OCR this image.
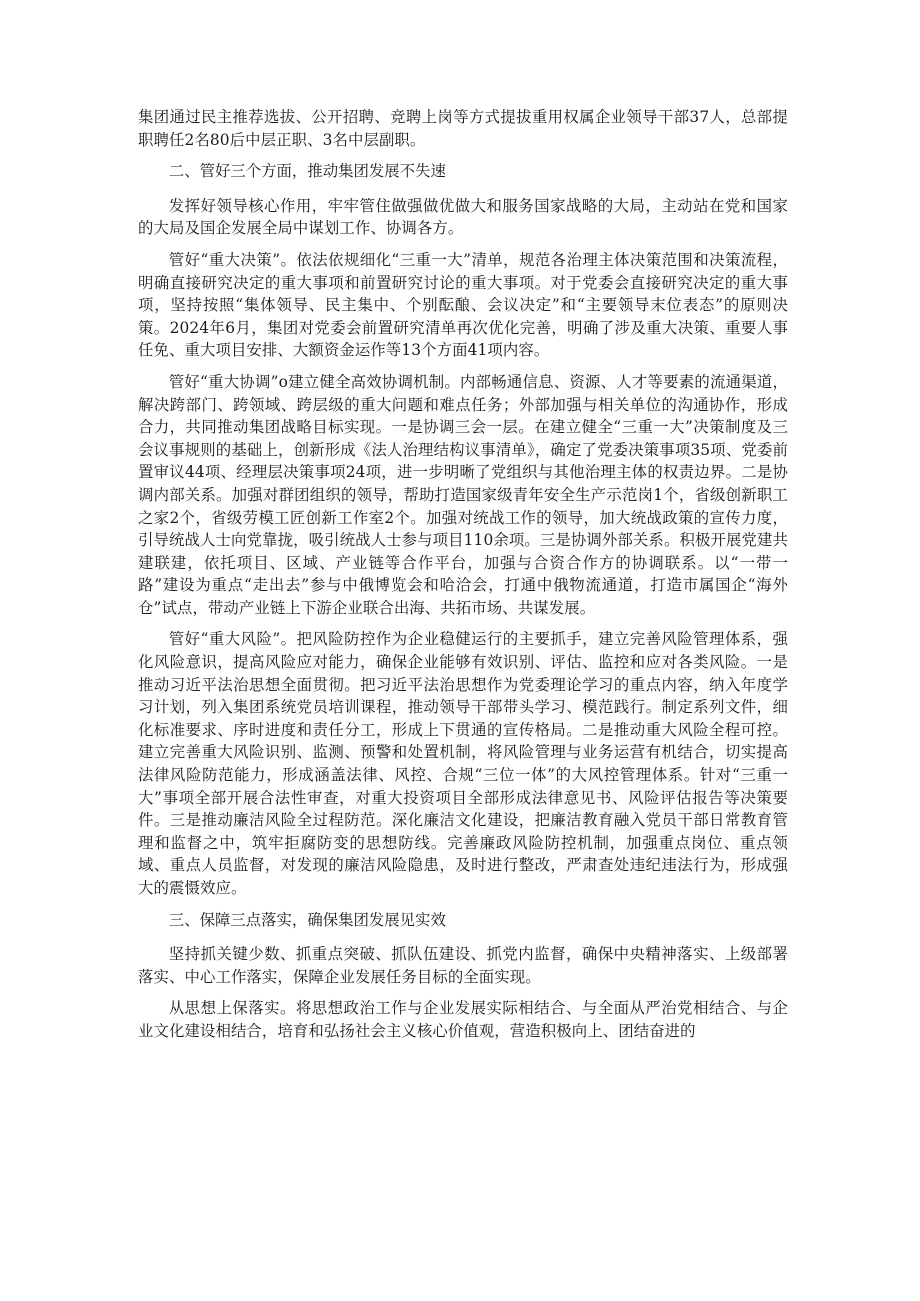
集团通过民主推荐选拔、公开招聘、竞聘上岗等方式提拔重用权属企业领导干部37人，总部提职聘任2名80后中层正职、3名中层副职。

二、管好三个方面，推动集团发展不失速

发挥好领导核心作用，牢牢管住做强做优做大和服务国家战略的大局，主动站在党和国家的大局及国企发展全局中谋划工作、协调各方。

管好“重大决策”。依法依规细化“三重一大”清单，规范各治理主体决策范围和决策流程，明确直接研究决定的重大事项和前置研究讨论的重大事项。对于党委会直接研究决定的重大事项，坚持按照“集体领导、民主集中、个别酝酿、会议决定”和“主要领导末位表态”的原则决策。2024年6月，集团对党委会前置研究清单再次优化完善，明确了涉及重大决策、重要人事任免、重大项目安排、大额资金运作等13个方面41项内容。

管好“重大协调”o建立健全高效协调机制。内部畅通信息、资源、人才等要素的流通渠道，解决跨部门、跨领域、跨层级的重大问题和难点任务；外部加强与相关单位的沟通协作，形成合力，共同推动集团战略目标实现。一是协调三会一层。在建立健全“三重一大”决策制度及三会议事规则的基础上，创新形成《法人治理结构议事清单》，确定了党委决策事项35项、党委前置审议44项、经理层决策事项24项，进一步明晰了党组织与其他治理主体的权责边界。二是协调内部关系。加强对群团组织的领导，帮助打造国家级青年安全生产示范岗1个，省级创新职工之家2个，省级劳模工匠创新工作室2个。加强对统战工作的领导，加大统战政策的宣传力度，引导统战人士向党靠拢，吸引统战人士参与项目110余项。三是协调外部关系。积极开展党建共建联建，依托项目、区域、产业链等合作平台，加强与合资合作方的协调联系。以“一带一路”建设为重点“走出去”参与中俄博览会和哈洽会，打通中俄物流通道，打造市属国企“海外仓”试点，带动产业链上下游企业联合出海、共拓市场、共谋发展。

管好“重大风险”。把风险防控作为企业稳健运行的主要抓手，建立完善风险管理体系，强化风险意识，提高风险应对能力，确保企业能够有效识别、评估、监控和应对各类风险。一是推动习近平法治思想全面贯彻。把习近平法治思想作为党委理论学习的重点内容，纳入年度学习计划，列入集团系统党员培训课程，推动领导干部带头学习、模范践行。制定系列文件，细化标准要求、序时进度和责任分工，形成上下贯通的宣传格局。二是推动重大风险全程可控。建立完善重大风险识别、监测、预警和处置机制，将风险管理与业务运营有机结合，切实提高法律风险防范能力，形成涵盖法律、风控、合规“三位一体”的大风控管理体系。针对“三重一大”事项全部开展合法性审查，对重大投资项目全部形成法律意见书、风险评估报告等决策要件。三是推动廉洁风险全过程防范。深化廉洁文化建设，把廉洁教育融入党员干部日常教育管理和监督之中，筑牢拒腐防变的思想防线。完善廉政风险防控机制，加强重点岗位、重点领域、重点人员监督，对发现的廉洁风险隐患，及时进行整改，严肃查处违纪违法行为，形成强大的震慑效应。

三、保障三点落实，确保集团发展见实效

坚持抓关键少数、抓重点突破、抓队伍建设、抓党内监督，确保中央精神落实、上级部署落实、中心工作落实，保障企业发展任务目标的全面实现。

从思想上保落实。将思想政治工作与企业发展实际相结合、与全面从严治党相结合、与企业文化建设相结合，培育和弘扬社会主义核心价值观，营造积极向上、团结奋进的
